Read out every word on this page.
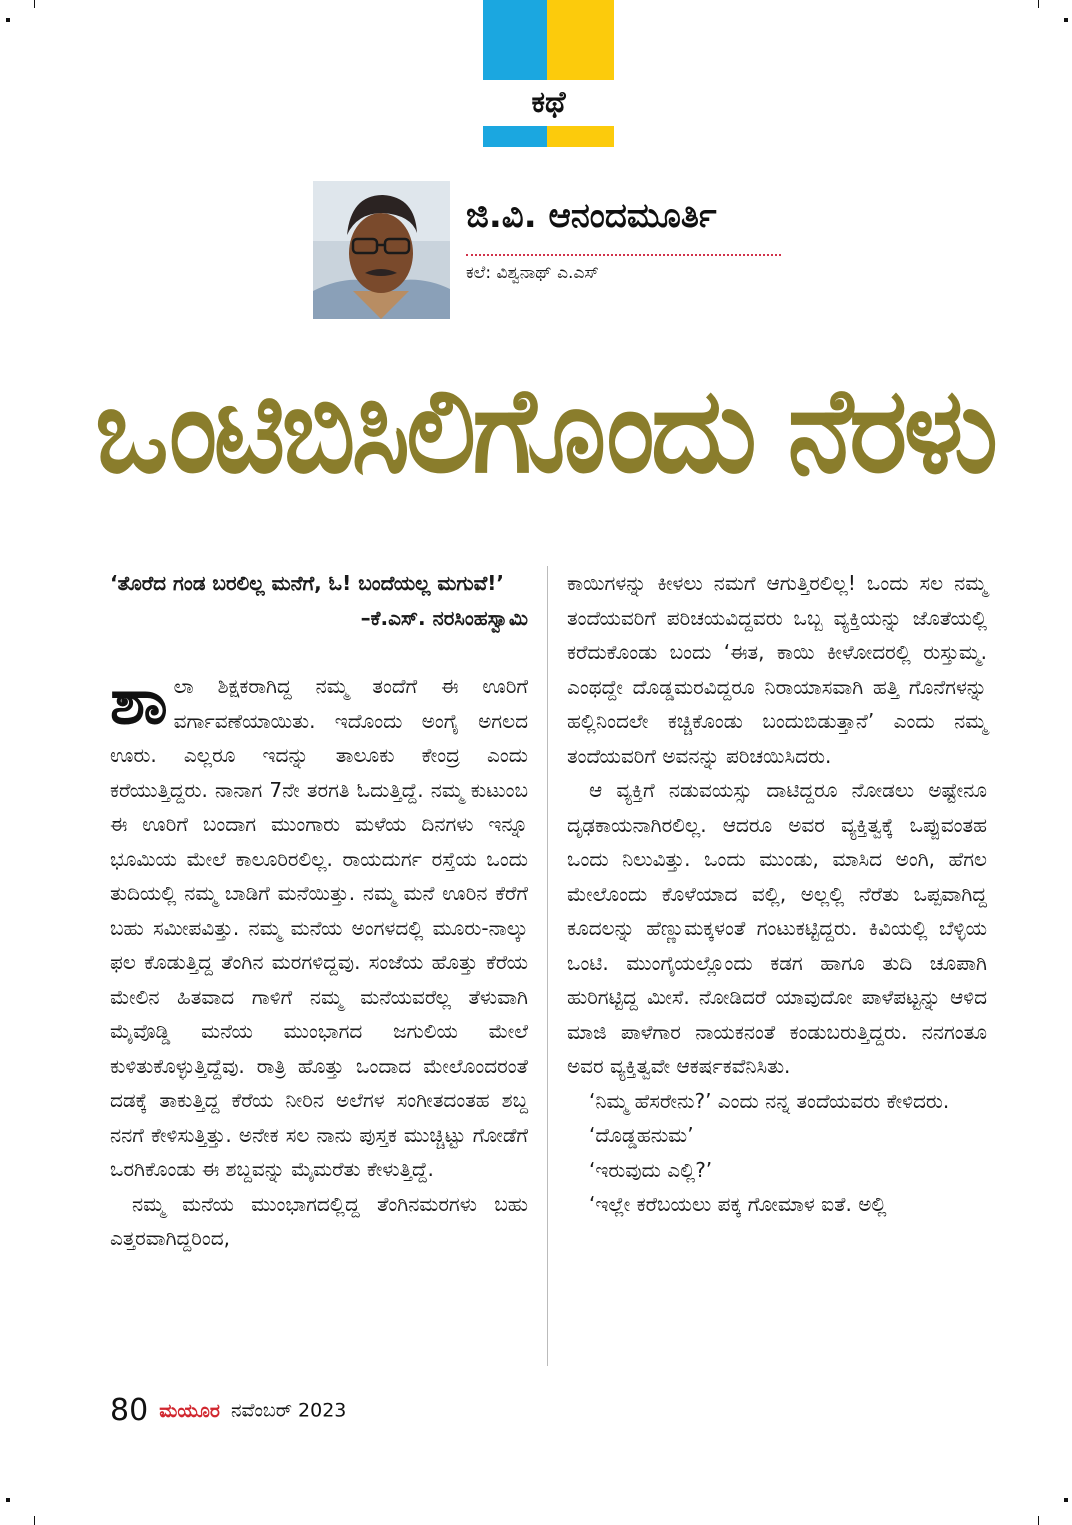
ಕಥೆ
ಜಿ.ವಿ. ಆನಂದಮೂರ್ತಿ
ಕಲೆ: ವಿಶ್ವನಾಥ್ ಎ.ಎಸ್
ಒಂಟಿಬಿಸಿಲಿಗೊಂದು ನೆರಳು

‘ತೊರೆದ ಗಂಡ ಬರಲಿಲ್ಲ ಮನೆಗೆ, ಓ! ಬಂದೆಯಲ್ಲ ಮಗುವೆ!’

–ಕೆ.ಎಸ್. ನರಸಿಂಹಸ್ವಾಮಿ

ಶಾಲಾ ಶಿಕ್ಷಕರಾಗಿದ್ದ ನಮ್ಮ ತಂದೆಗೆ ಈ ಊರಿಗೆ ವರ್ಗಾವಣೆಯಾಯಿತು. ಇದೊಂದು ಅಂಗೈ ಅಗಲದ ಊರು. ಎಲ್ಲರೂ ಇದನ್ನು ತಾಲೂಕು ಕೇಂದ್ರ ಎಂದು ಕರೆಯುತ್ತಿದ್ದರು. ನಾನಾಗ 7ನೇ ತರಗತಿ ಓದುತ್ತಿದ್ದೆ. ನಮ್ಮ ಕುಟುಂಬ ಈ ಊರಿಗೆ ಬಂದಾಗ ಮುಂಗಾರು ಮಳೆಯ ದಿನಗಳು ಇನ್ನೂ ಭೂಮಿಯ ಮೇಲೆ ಕಾಲೂರಿರಲಿಲ್ಲ. ರಾಯದುರ್ಗ ರಸ್ತೆಯ ಒಂದು ತುದಿಯಲ್ಲಿ ನಮ್ಮ ಬಾಡಿಗೆ ಮನೆಯಿತ್ತು. ನಮ್ಮ ಮನೆ ಊರಿನ ಕೆರೆಗೆ ಬಹು ಸಮೀಪವಿತ್ತು. ನಮ್ಮ ಮನೆಯ ಅಂಗಳದಲ್ಲಿ ಮೂರು-ನಾಲ್ಕು ಫಲ ಕೊಡುತ್ತಿದ್ದ ತೆಂಗಿನ ಮರಗಳಿದ್ದವು. ಸಂಜೆಯ ಹೊತ್ತು ಕೆರೆಯ ಮೇಲಿನ ಹಿತವಾದ ಗಾಳಿಗೆ ನಮ್ಮ ಮನೆಯವರೆಲ್ಲ ತೆಳುವಾಗಿ ಮೈವೊಡ್ಡಿ ಮನೆಯ ಮುಂಭಾಗದ ಜಗುಲಿಯ ಮೇಲೆ ಕುಳಿತುಕೊಳ್ಳುತ್ತಿದ್ದೆವು. ರಾತ್ರಿ ಹೊತ್ತು ಒಂದಾದ ಮೇಲೊಂದರಂತೆ ದಡಕ್ಕೆ ತಾಕುತ್ತಿದ್ದ ಕೆರೆಯ ನೀರಿನ ಅಲೆಗಳ ಸಂಗೀತದಂತಹ ಶಬ್ದ ನನಗೆ ಕೇಳಿಸುತ್ತಿತ್ತು. ಅನೇಕ ಸಲ ನಾನು ಪುಸ್ತಕ ಮುಚ್ಚಿಟ್ಟು ಗೋಡೆಗೆ ಒರಗಿಕೊಂಡು ಈ ಶಬ್ದವನ್ನು ಮೈಮರೆತು ಕೇಳುತ್ತಿದ್ದೆ.

ನಮ್ಮ ಮನೆಯ ಮುಂಭಾಗದಲ್ಲಿದ್ದ ತೆಂಗಿನಮರಗಳು ಬಹು ಎತ್ತರವಾಗಿದ್ದರಿಂದ,

ಕಾಯಿಗಳನ್ನು ಕೀಳಲು ನಮಗೆ ಆಗುತ್ತಿರಲಿಲ್ಲ! ಒಂದು ಸಲ ನಮ್ಮ ತಂದೆಯವರಿಗೆ ಪರಿಚಯವಿದ್ದವರು ಒಬ್ಬ ವ್ಯಕ್ತಿಯನ್ನು ಜೊತೆಯಲ್ಲಿ ಕರೆದುಕೊಂಡು ಬಂದು ‘ಈತ, ಕಾಯಿ ಕೀಳೋದರಲ್ಲಿ ರುಸ್ತುಮ್ಮ. ಎಂಥದ್ದೇ ದೊಡ್ಡಮರವಿದ್ದರೂ ನಿರಾಯಾಸವಾಗಿ ಹತ್ತಿ ಗೊನೆಗಳನ್ನು ಹಲ್ಲಿನಿಂದಲೇ ಕಚ್ಚಿಕೊಂಡು ಬಂದುಬಿಡುತ್ತಾನೆ’ ಎಂದು ನಮ್ಮ ತಂದೆಯವರಿಗೆ ಅವನನ್ನು ಪರಿಚಯಿಸಿದರು.

ಆ ವ್ಯಕ್ತಿಗೆ ನಡುವಯಸ್ಸು ದಾಟಿದ್ದರೂ ನೋಡಲು ಅಷ್ಟೇನೂ ದೃಢಕಾಯನಾಗಿರಲಿಲ್ಲ. ಆದರೂ ಅವರ ವ್ಯಕ್ತಿತ್ವಕ್ಕೆ ಒಪ್ಪುವಂತಹ ಒಂದು ನಿಲುವಿತ್ತು. ಒಂದು ಮುಂಡು, ಮಾಸಿದ ಅಂಗಿ, ಹೆಗಲ ಮೇಲೊಂದು ಕೊಳೆಯಾದ ವಲ್ಲಿ, ಅಲ್ಲಲ್ಲಿ ನೆರೆತು ಒಪ್ಪವಾಗಿದ್ದ ಕೂದಲನ್ನು ಹೆಣ್ಣುಮಕ್ಕಳಂತೆ ಗಂಟುಕಟ್ಟಿದ್ದರು. ಕಿವಿಯಲ್ಲಿ ಬೆಳ್ಳಿಯ ಒಂಟಿ. ಮುಂಗೈಯಲ್ಲೊಂದು ಕಡಗ ಹಾಗೂ ತುದಿ ಚೂಪಾಗಿ ಹುರಿಗಟ್ಟಿದ್ದ ಮೀಸೆ. ನೋಡಿದರೆ ಯಾವುದೋ ಪಾಳೆಪಟ್ಟನ್ನು ಆಳಿದ ಮಾಜಿ ಪಾಳೆಗಾರ ನಾಯಕನಂತೆ ಕಂಡುಬರುತ್ತಿದ್ದರು. ನನಗಂತೂ ಅವರ ವ್ಯಕ್ತಿತ್ವವೇ ಆಕರ್ಷಕವೆನಿಸಿತು.

‘ನಿಮ್ಮ ಹೆಸರೇನು?’ ಎಂದು ನನ್ನ ತಂದೆಯವರು ಕೇಳಿದರು.

‘ದೊಡ್ಡಹನುಮ’

‘ಇರುವುದು ಎಲ್ಲಿ?’

‘ಇಲ್ಲೇ ಕರೆಬಯಲು ಪಕ್ಕ ಗೋಮಾಳ ಐತೆ. ಅಲ್ಲಿ

80 ಮಯೂರ ನವೆಂಬರ್ 2023
